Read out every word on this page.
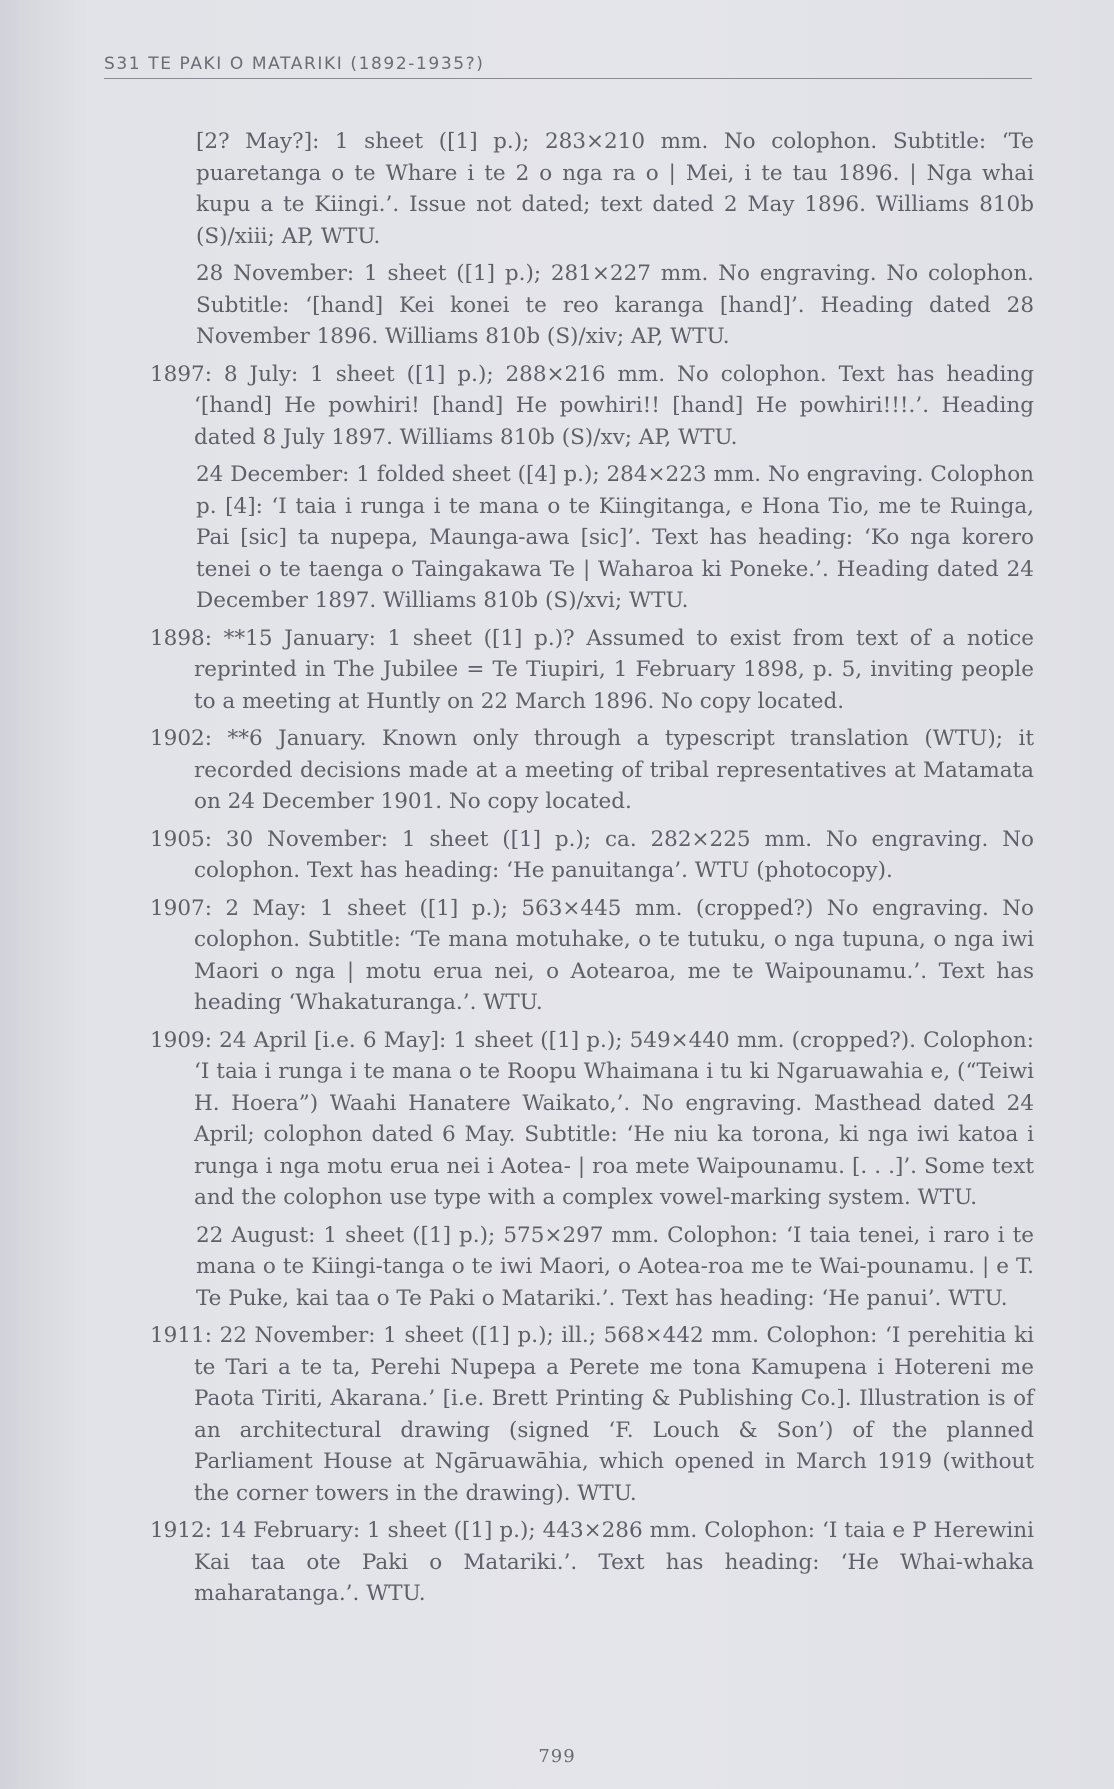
S31 TE PAKI O MATARIKI (1892-1935?)

[2? May?]: 1 sheet ([1] p.); 283×210 mm. No colophon. Subtitle: ‘Te puaretanga o te Whare i te 2 o nga ra o | Mei, i te tau 1896. | Nga whai kupu a te Kiingi.’. Issue not dated; text dated 2 May 1896. Williams 810b (S)/xiii; AP, WTU.

28 November: 1 sheet ([1] p.); 281×227 mm. No engraving. No colophon. Subtitle: ‘[hand] Kei konei te reo karanga [hand]’. Heading dated 28 November 1896. Williams 810b (S)/xiv; AP, WTU.

1897: 8 July: 1 sheet ([1] p.); 288×216 mm. No colophon. Text has heading ‘[hand] He powhiri! [hand] He powhiri!! [hand] He powhiri!!!.’. Heading dated 8 July 1897. Williams 810b (S)/xv; AP, WTU.

24 December: 1 folded sheet ([4] p.); 284×223 mm. No engraving. Colophon p. [4]: ‘I taia i runga i te mana o te Kiingitanga, e Hona Tio, me te Ruinga, Pai [sic] ta nupepa, Maunga-awa [sic]’. Text has heading: ‘Ko nga korero tenei o te taenga o Taingakawa Te | Waharoa ki Poneke.’. Heading dated 24 December 1897. Williams 810b (S)/xvi; WTU.

1898: **15 January: 1 sheet ([1] p.)? Assumed to exist from text of a notice reprinted in The Jubilee = Te Tiupiri, 1 February 1898, p. 5, inviting people to a meeting at Huntly on 22 March 1896. No copy located.

1902: **6 January. Known only through a typescript translation (WTU); it recorded decisions made at a meeting of tribal representatives at Matamata on 24 December 1901. No copy located.

1905: 30 November: 1 sheet ([1] p.); ca. 282×225 mm. No engraving. No colophon. Text has heading: ‘He panuitanga’. WTU (photocopy).

1907: 2 May: 1 sheet ([1] p.); 563×445 mm. (cropped?) No engraving. No colophon. Subtitle: ‘Te mana motuhake, o te tutuku, o nga tupuna, o nga iwi Maori o nga | motu erua nei, o Aotearoa, me te Waipounamu.’. Text has heading ‘Whakaturanga.’. WTU.

1909: 24 April [i.e. 6 May]: 1 sheet ([1] p.); 549×440 mm. (cropped?). Colophon: ‘I taia i runga i te mana o te Roopu Whaimana i tu ki Ngaruawahia e, (“Teiwi H. Hoera”) Waahi Hanatere Waikato,’. No engraving. Masthead dated 24 April; colophon dated 6 May. Subtitle: ‘He niu ka torona, ki nga iwi katoa i runga i nga motu erua nei i Aotea- | roa mete Waipounamu. [. . .]’. Some text and the colophon use type with a complex vowel-marking system. WTU.

22 August: 1 sheet ([1] p.); 575×297 mm. Colophon: ‘I taia tenei, i raro i te mana o te Kiingi-tanga o te iwi Maori, o Aotea-roa me te Wai-pounamu. | e T. Te Puke, kai taa o Te Paki o Matariki.’. Text has heading: ‘He panui’. WTU.

1911: 22 November: 1 sheet ([1] p.); ill.; 568×442 mm. Colophon: ‘I perehitia ki te Tari a te ta, Perehi Nupepa a Perete me tona Kamupena i Hotereni me Paota Tiriti, Akarana.’ [i.e. Brett Printing & Publishing Co.]. Illustration is of an architectural drawing (signed ‘F. Louch & Son’) of the planned Parliament House at Ngāruawāhia, which opened in March 1919 (without the corner towers in the drawing). WTU.

1912: 14 February: 1 sheet ([1] p.); 443×286 mm. Colophon: ‘I taia e P Herewini Kai taa ote Paki o Matariki.’. Text has heading: ‘He Whai-whaka maharatanga.’. WTU.

799
